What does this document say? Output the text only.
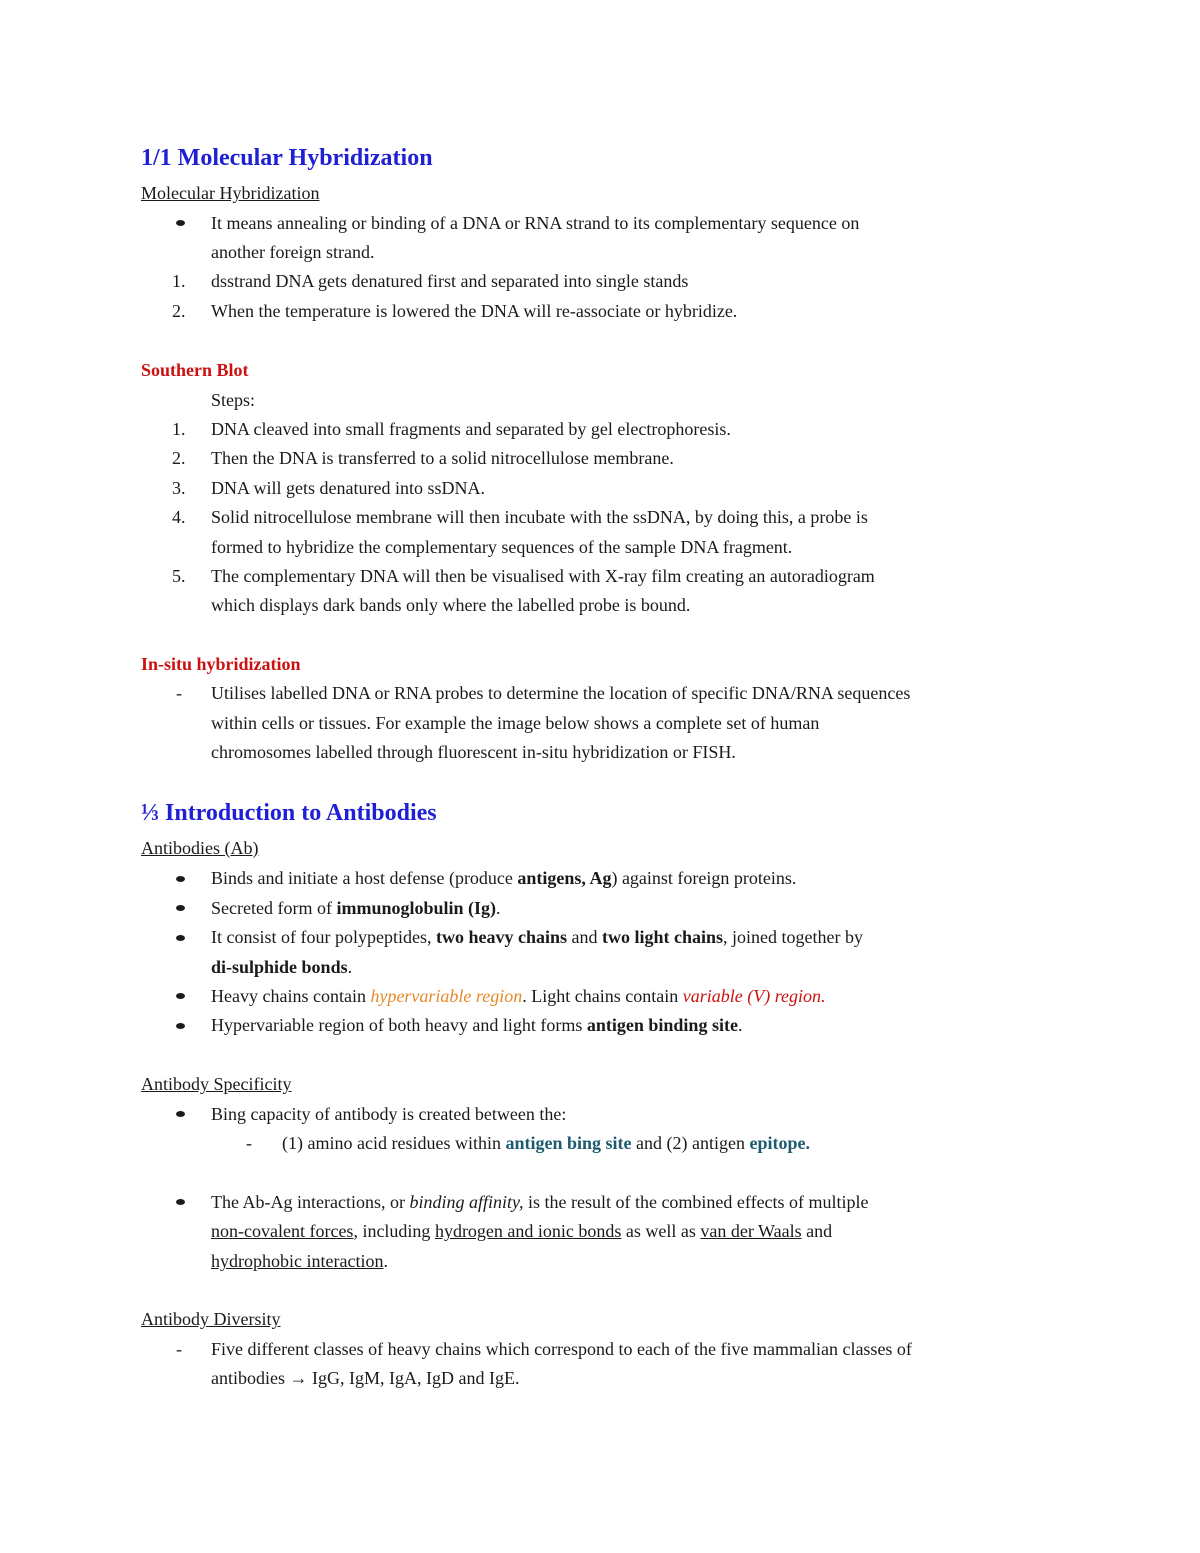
1/1 Molecular Hybridization
Molecular Hybridization
It means annealing or binding of a DNA or RNA strand to its complementary sequence on
another foreign strand.
1. dsstrand DNA gets denatured first and separated into single stands
2. When the temperature is lowered the DNA will re-associate or hybridize.
Southern Blot
Steps:
1. DNA cleaved into small fragments and separated by gel electrophoresis.
2. Then the DNA is transferred to a solid nitrocellulose membrane.
3. DNA will gets denatured into ssDNA.
4. Solid nitrocellulose membrane will then incubate with the ssDNA, by doing this, a probe is
formed to hybridize the complementary sequences of the sample DNA fragment.
5. The complementary DNA will then be visualised with X-ray film creating an autoradiogram
which displays dark bands only where the labelled probe is bound.
In-situ hybridization
- Utilises labelled DNA or RNA probes to determine the location of specific DNA/RNA sequences
within cells or tissues. For example the image below shows a complete set of human
chromosomes labelled through fluorescent in-situ hybridization or FISH.
⅓ Introduction to Antibodies
Antibodies (Ab)
Binds and initiate a host defense (produce antigens, Ag) against foreign proteins.
Secreted form of immunoglobulin (Ig).
It consist of four polypeptides, two heavy chains and two light chains, joined together by
di-sulphide bonds.
Heavy chains contain hypervariable region. Light chains contain variable (V) region.
Hypervariable region of both heavy and light forms antigen binding site.
Antibody Specificity
Bing capacity of antibody is created between the:
- (1) amino acid residues within antigen bing site and (2) antigen epitope.
The Ab-Ag interactions, or binding affinity, is the result of the combined effects of multiple
non-covalent forces, including hydrogen and ionic bonds as well as van der Waals and
hydrophobic interaction.
Antibody Diversity
- Five different classes of heavy chains which correspond to each of the five mammalian classes of
antibodies → IgG, IgM, IgA, IgD and IgE.
